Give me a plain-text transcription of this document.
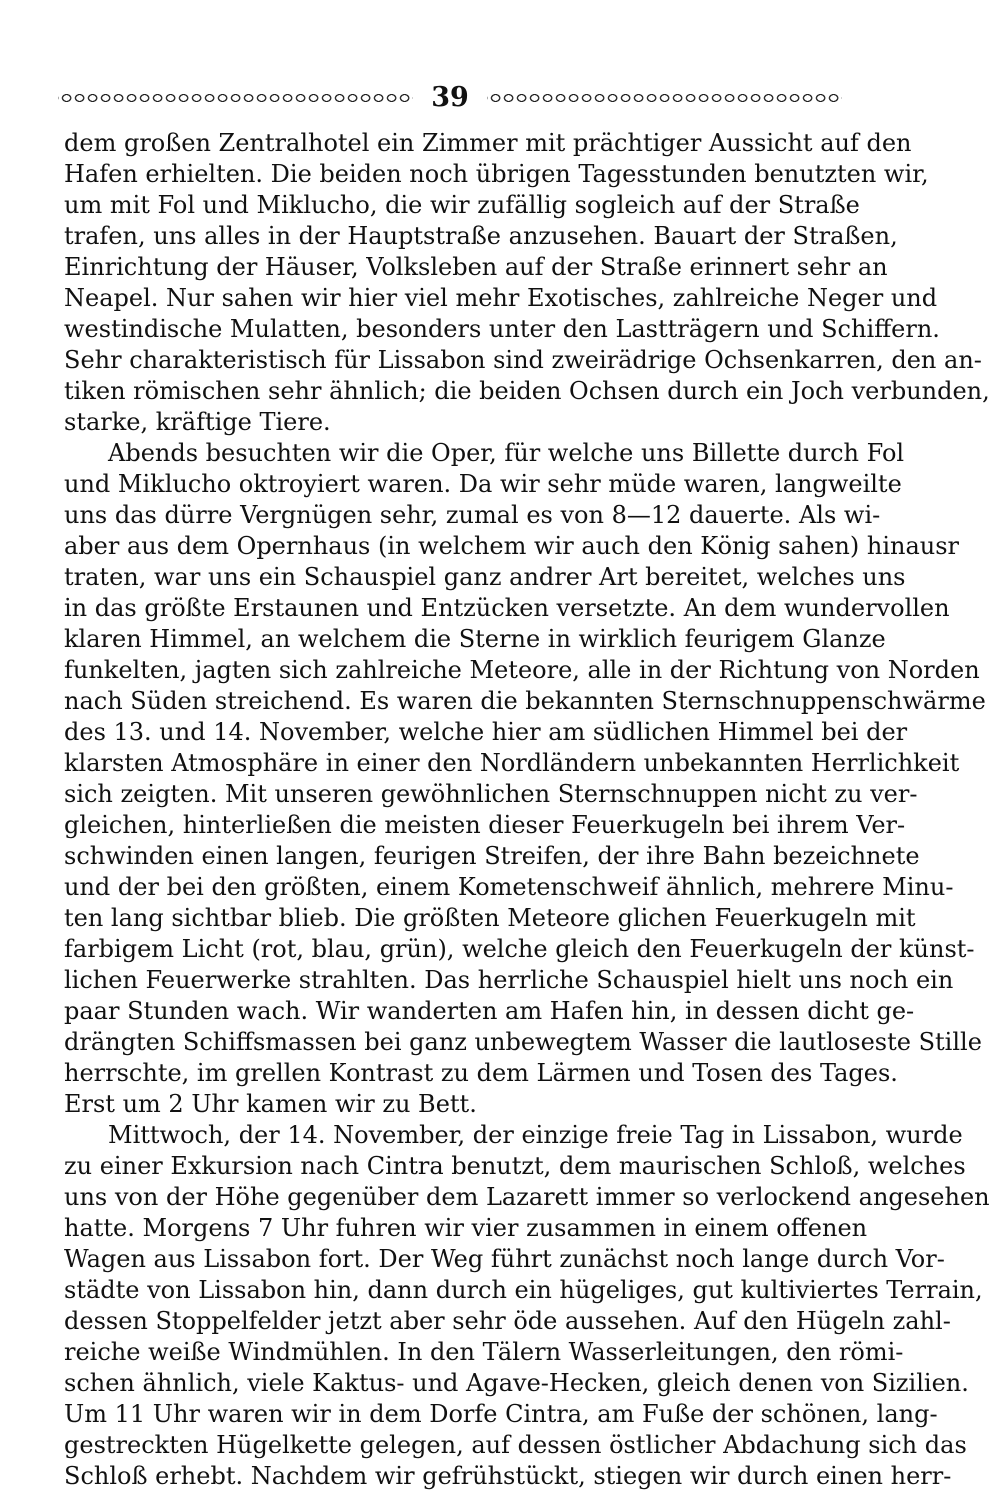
39
dem großen Zentralhotel ein Zimmer mit prächtiger Aussicht auf den
Hafen erhielten. Die beiden noch übrigen Tagesstunden benutzten wir,
um mit Fol und Miklucho, die wir zufällig sogleich auf der Straße
trafen, uns alles in der Hauptstraße anzusehen. Bauart der Straßen,
Einrichtung der Häuser, Volksleben auf der Straße erinnert sehr an
Neapel. Nur sahen wir hier viel mehr Exotisches, zahlreiche Neger und
westindische Mulatten, besonders unter den Lastträgern und Schiffern.
Sehr charakteristisch für Lissabon sind zweirädrige Ochsenkarren, den an-
tiken römischen sehr ähnlich; die beiden Ochsen durch ein Joch verbunden,
starke, kräftige Tiere.
Abends besuchten wir die Oper, für welche uns Billette durch Fol
und Miklucho oktroyiert waren. Da wir sehr müde waren, langweilte
uns das dürre Vergnügen sehr, zumal es von 8—12 dauerte. Als wi-
aber aus dem Opernhaus (in welchem wir auch den König sahen) hinausr
traten, war uns ein Schauspiel ganz andrer Art bereitet, welches uns
in das größte Erstaunen und Entzücken versetzte. An dem wundervollen
klaren Himmel, an welchem die Sterne in wirklich feurigem Glanze
funkelten, jagten sich zahlreiche Meteore, alle in der Richtung von Norden
nach Süden streichend. Es waren die bekannten Sternschnuppenschwärme
des 13. und 14. November, welche hier am südlichen Himmel bei der
klarsten Atmosphäre in einer den Nordländern unbekannten Herrlichkeit
sich zeigten. Mit unseren gewöhnlichen Sternschnuppen nicht zu ver-
gleichen, hinterließen die meisten dieser Feuerkugeln bei ihrem Ver-
schwinden einen langen, feurigen Streifen, der ihre Bahn bezeichnete
und der bei den größten, einem Kometenschweif ähnlich, mehrere Minu-
ten lang sichtbar blieb. Die größten Meteore glichen Feuerkugeln mit
farbigem Licht (rot, blau, grün), welche gleich den Feuerkugeln der künst-
lichen Feuerwerke strahlten. Das herrliche Schauspiel hielt uns noch ein
paar Stunden wach. Wir wanderten am Hafen hin, in dessen dicht ge-
drängten Schiffsmassen bei ganz unbewegtem Wasser die lautloseste Stille
herrschte, im grellen Kontrast zu dem Lärmen und Tosen des Tages.
Erst um 2 Uhr kamen wir zu Bett.
Mittwoch, der 14. November, der einzige freie Tag in Lissabon, wurde
zu einer Exkursion nach Cintra benutzt, dem maurischen Schloß, welches
uns von der Höhe gegenüber dem Lazarett immer so verlockend angesehen
hatte. Morgens 7 Uhr fuhren wir vier zusammen in einem offenen
Wagen aus Lissabon fort. Der Weg führt zunächst noch lange durch Vor-
städte von Lissabon hin, dann durch ein hügeliges, gut kultiviertes Terrain,
dessen Stoppelfelder jetzt aber sehr öde aussehen. Auf den Hügeln zahl-
reiche weiße Windmühlen. In den Tälern Wasserleitungen, den römi-
schen ähnlich, viele Kaktus- und Agave-Hecken, gleich denen von Sizilien.
Um 11 Uhr waren wir in dem Dorfe Cintra, am Fuße der schönen, lang-
gestreckten Hügelkette gelegen, auf dessen östlicher Abdachung sich das
Schloß erhebt. Nachdem wir gefrühstückt, stiegen wir durch einen herr-
